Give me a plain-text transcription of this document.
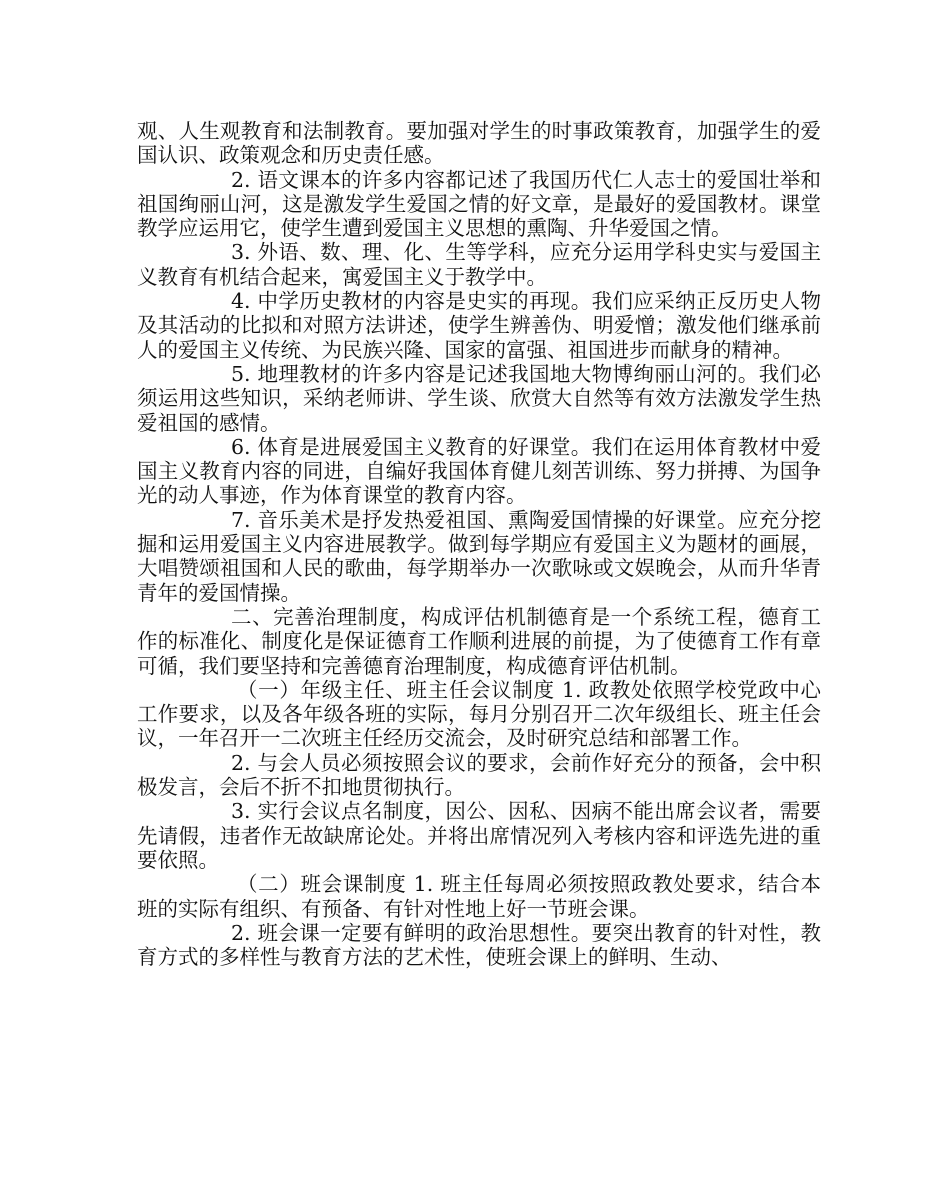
观、人生观教育和法制教育。要加强对学生的时事政策教育，加强学生的爱国认识、政策观念和历史责任感。

2. 语文课本的许多内容都记述了我国历代仁人志士的爱国壮举和祖国绚丽山河，这是激发学生爱国之情的好文章，是最好的爱国教材。课堂教学应运用它，使学生遭到爱国主义思想的熏陶、升华爱国之情。

3. 外语、数、理、化、生等学科，应充分运用学科史实与爱国主义教育有机结合起来，寓爱国主义于教学中。

4. 中学历史教材的内容是史实的再现。我们应采纳正反历史人物及其活动的比拟和对照方法讲述，使学生辨善伪、明爱憎；激发他们继承前人的爱国主义传统、为民族兴隆、国家的富强、祖国进步而献身的精神。

5. 地理教材的许多内容是记述我国地大物博绚丽山河的。我们必须运用这些知识，采纳老师讲、学生谈、欣赏大自然等有效方法激发学生热爱祖国的感情。

6. 体育是进展爱国主义教育的好课堂。我们在运用体育教材中爱国主义教育内容的同进，自编好我国体育健儿刻苦训练、努力拼搏、为国争光的动人事迹，作为体育课堂的教育内容。

7. 音乐美术是抒发热爱祖国、熏陶爱国情操的好课堂。应充分挖掘和运用爱国主义内容进展教学。做到每学期应有爱国主义为题材的画展，大唱赞颂祖国和人民的歌曲，每学期举办一次歌咏或文娱晚会，从而升华青青年的爱国情操。

二、完善治理制度，构成评估机制德育是一个系统工程，德育工作的标准化、制度化是保证德育工作顺利进展的前提，为了使德育工作有章可循，我们要坚持和完善德育治理制度，构成德育评估机制。

（一）年级主任、班主任会议制度 1. 政教处依照学校党政中心工作要求，以及各年级各班的实际，每月分别召开二次年级组长、班主任会议，一年召开一二次班主任经历交流会，及时研究总结和部署工作。

2. 与会人员必须按照会议的要求，会前作好充分的预备，会中积极发言，会后不折不扣地贯彻执行。

3. 实行会议点名制度，因公、因私、因病不能出席会议者，需要先请假，违者作无故缺席论处。并将出席情况列入考核内容和评选先进的重要依照。

（二）班会课制度 1. 班主任每周必须按照政教处要求，结合本班的实际有组织、有预备、有针对性地上好一节班会课。

2. 班会课一定要有鲜明的政治思想性。要突出教育的针对性，教育方式的多样性与教育方法的艺术性，使班会课上的鲜明、生动、
